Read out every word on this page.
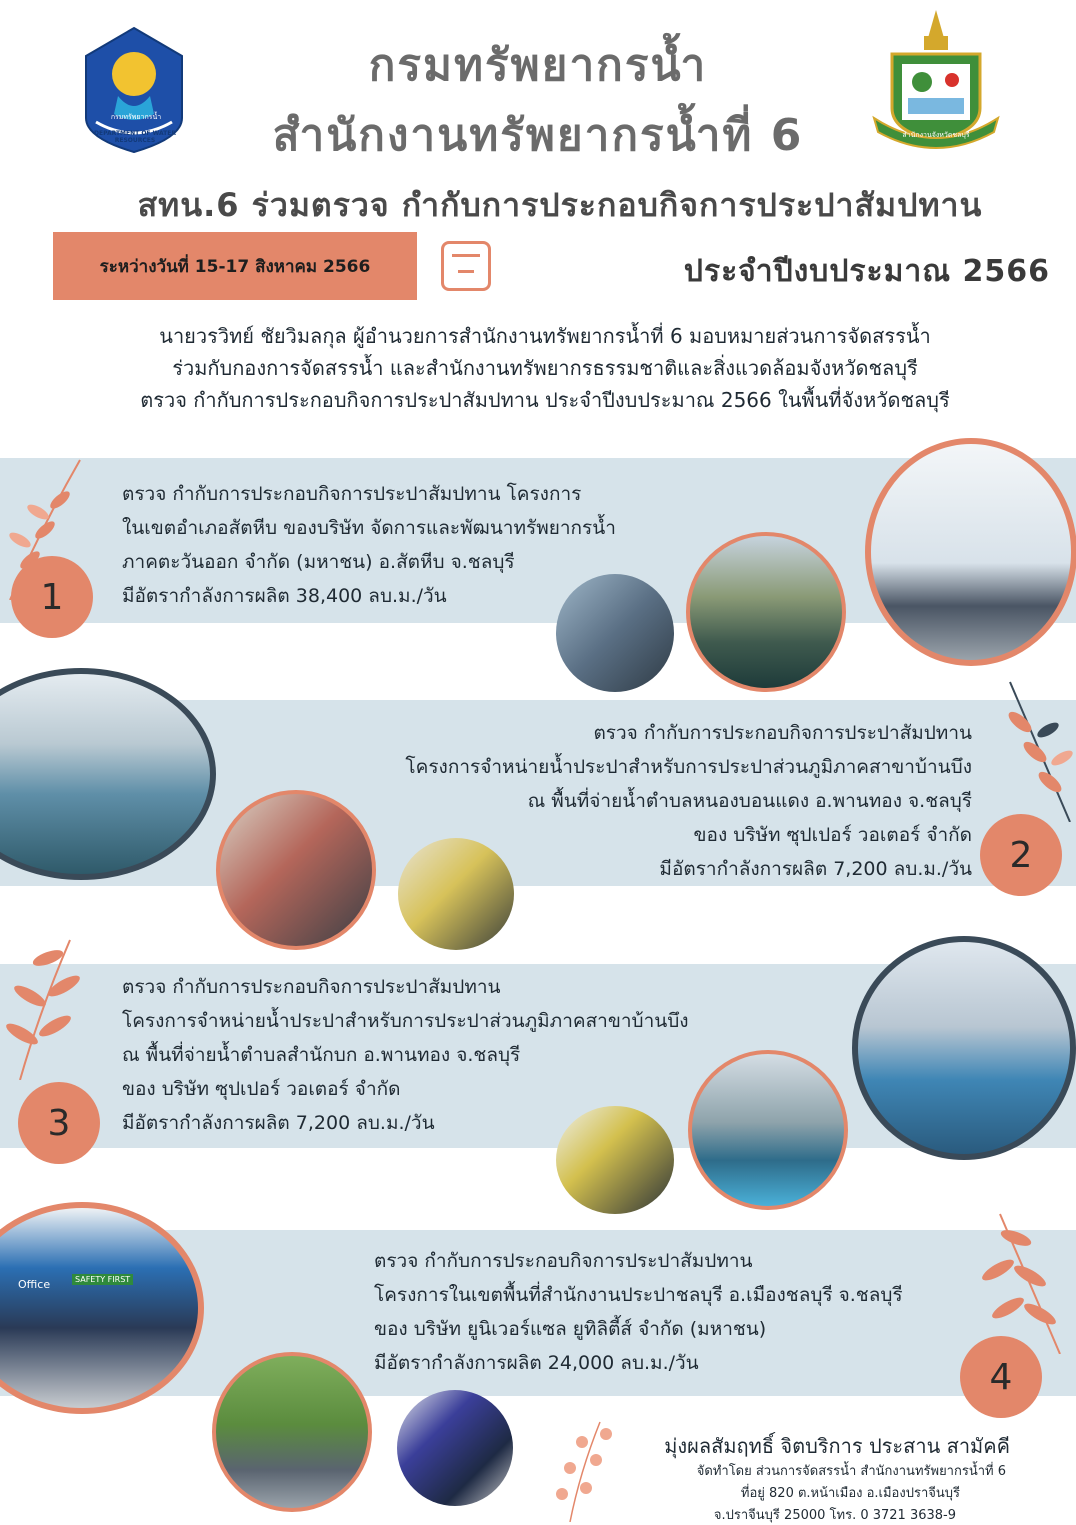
กรมทรัพยากรน้ำ
DEPARTMENT OF WATER RESOURCES
สำนักงานจังหวัดชลบุรี
กรมทรัพยากรน้ำ
สำนักงานทรัพยากรน้ำที่ 6
สทน.6 ร่วมตรวจ กำกับการประกอบกิจการประปาสัมปทาน
ระหว่างวันที่ 15-17 สิงหาคม 2566	ประจำปีงบประมาณ 2566

นายวรวิทย์ ชัยวิมลกุล ผู้อำนวยการสำนักงานทรัพยากรน้ำที่ 6 มอบหมายส่วนการจัดสรรน้ำ

ร่วมกับกองการจัดสรรน้ำ และสำนักงานทรัพยากรธรรมชาติและสิ่งแวดล้อมจังหวัดชลบุรี

ตรวจ กำกับการประกอบกิจการประปาสัมปทาน ประจำปีงบประมาณ 2566 ในพื้นที่จังหวัดชลบุรี

1

ตรวจ กำกับการประกอบกิจการประปาสัมปทาน โครงการ

ในเขตอำเภอสัตหีบ ของบริษัท จัดการและพัฒนาทรัพยากรน้ำ

ภาคตะวันออก จำกัด (มหาชน) อ.สัตหีบ จ.ชลบุรี

มีอัตรากำลังการผลิต 38,400 ลบ.ม./วัน

2

ตรวจ กำกับการประกอบกิจการประปาสัมปทาน

โครงการจำหน่ายน้ำประปาสำหรับการประปาส่วนภูมิภาคสาขาบ้านบึง

ณ พื้นที่จ่ายน้ำตำบลหนองบอนแดง อ.พานทอง จ.ชลบุรี

ของ บริษัท ซุปเปอร์ วอเตอร์ จำกัด

มีอัตรากำลังการผลิต 7,200 ลบ.ม./วัน

3

ตรวจ กำกับการประกอบกิจการประปาสัมปทาน

โครงการจำหน่ายน้ำประปาสำหรับการประปาส่วนภูมิภาคสาขาบ้านบึง

ณ พื้นที่จ่ายน้ำตำบลสำนักบก อ.พานทอง จ.ชลบุรี

ของ บริษัท ซุปเปอร์ วอเตอร์ จำกัด

มีอัตรากำลังการผลิต 7,200 ลบ.ม./วัน

Office	SAFETY FIRST
4

ตรวจ กำกับการประกอบกิจการประปาสัมปทาน

โครงการในเขตพื้นที่สำนักงานประปาชลบุรี อ.เมืองชลบุรี จ.ชลบุรี

ของ บริษัท ยูนิเวอร์แซล ยูทิลิตี้ส์ จำกัด (มหาชน)

มีอัตรากำลังการผลิต 24,000 ลบ.ม./วัน

มุ่งผลสัมฤทธิ์ จิตบริการ ประสาน สามัคคี
จัดทำโดย ส่วนการจัดสรรน้ำ สำนักงานทรัพยากรน้ำที่ 6
ที่อยู่ 820 ต.หน้าเมือง อ.เมืองปราจีนบุรี
จ.ปราจีนบุรี 25000 โทร. 0 3721 3638-9
